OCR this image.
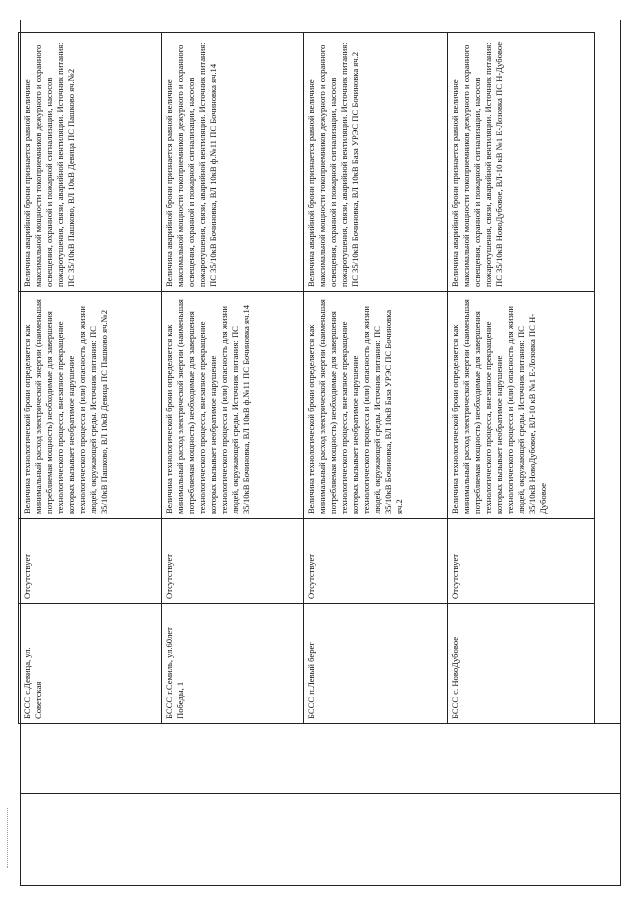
БССС с.Девица, ул. Советская
Отсутствует
Величина технологической брони определяется как минимальный расход электрической энергии (наименьшая потребляемая мощность) необходимые для завершения технологического процесса, внезапное прекращение которых вызывает необратимое нарушение технологического процесса и (или) опасность для жизни людей, окружающей среды. Источник питания: ПС 35/10кВ Пашково, ВЛ 10кВ Девица ПС Пашково яч.№2
Величина аварийной брони признается равной величине максимальной мощности токоприемников дежурного и охранного освещения, охранной и пожарной сигнализации, насосов пожаротушения, связи, аварийной вентиляции. Источник питания: ПС 35/10кВ Пашково, ВЛ 10кВ Девица ПС Пашково яч.№2
БССС г.Семиль, ул.60лет Победы, 1
Отсутствует
Величина технологической брони определяется как минимальный расход электрической энергии (наименьшая потребляемая мощность) необходимые для завершения технологического процесса, внезапное прекращение которых вызывает необратимое нарушение технологического процесса и (или) опасность для жизни людей, окружающей среды. Источник питания: ПС 35/10кВ Бочиновка, ВЛ 10кВ ф.№11 ПС Бочиновка яч.14
Величина аварийной брони признается равной величине максимальной мощности токоприемников дежурного и охранного освещения, охранной и пожарной сигнализации, насосов пожаротушения, связи, аварийной вентиляции. Источник питания: ПС 35/10кВ Бочиновка, ВЛ 10кВ ф.№11 ПС Бочиновка яч.14
БССС п.Левый берег
Отсутствует
Величина технологической брони определяется как минимальный расход электрической энергии (наименьшая потребляемая мощность) необходимые для завершения технологического процесса, внезапное прекращение которых вызывает необратимое нарушение технологического процесса и (или) опасность для жизни людей, окружающей среды. Источник питания: ПС 35/10кВ Бочиновка, ВЛ 10кВ База УРЭС ПС Бочиновка яч.2
Величина аварийной брони признается равной величине максимальной мощности токоприемников дежурного и охранного освещения, охранной и пожарной сигнализации, насосов пожаротушения, связи, аварийной вентиляции. Источник питания: ПС 35/10кВ Бочиновка, ВЛ 10кВ База УРЭС ПС Бочиновка яч.2
БССС с. НовоДубовое
Отсутствует
Величина технологической брони определяется как минимальный расход электрической энергии (наименьшая потребляемая мощность) необходимые для завершения технологического процесса, внезапное прекращение которых вызывает необратимое нарушение технологического процесса и (или) опасность для жизни людей, окружающей среды. Источник питания: ПС 35/10кВ НовоДубовое, ВЛ-10 кВ №1 Е-Лозовка ПС Н-Дубовое
Величина аварийной брони признается равной величине максимальной мощности токоприемников дежурного и охранного освещения, охранной и пожарной сигнализации, насосов пожаротушения, связи, аварийной вентиляции. Источник питания: ПС 35/10кВ НовоДубовое, ВЛ-10 кВ №1 Е-Лозовка ПС Н-Дубовое
